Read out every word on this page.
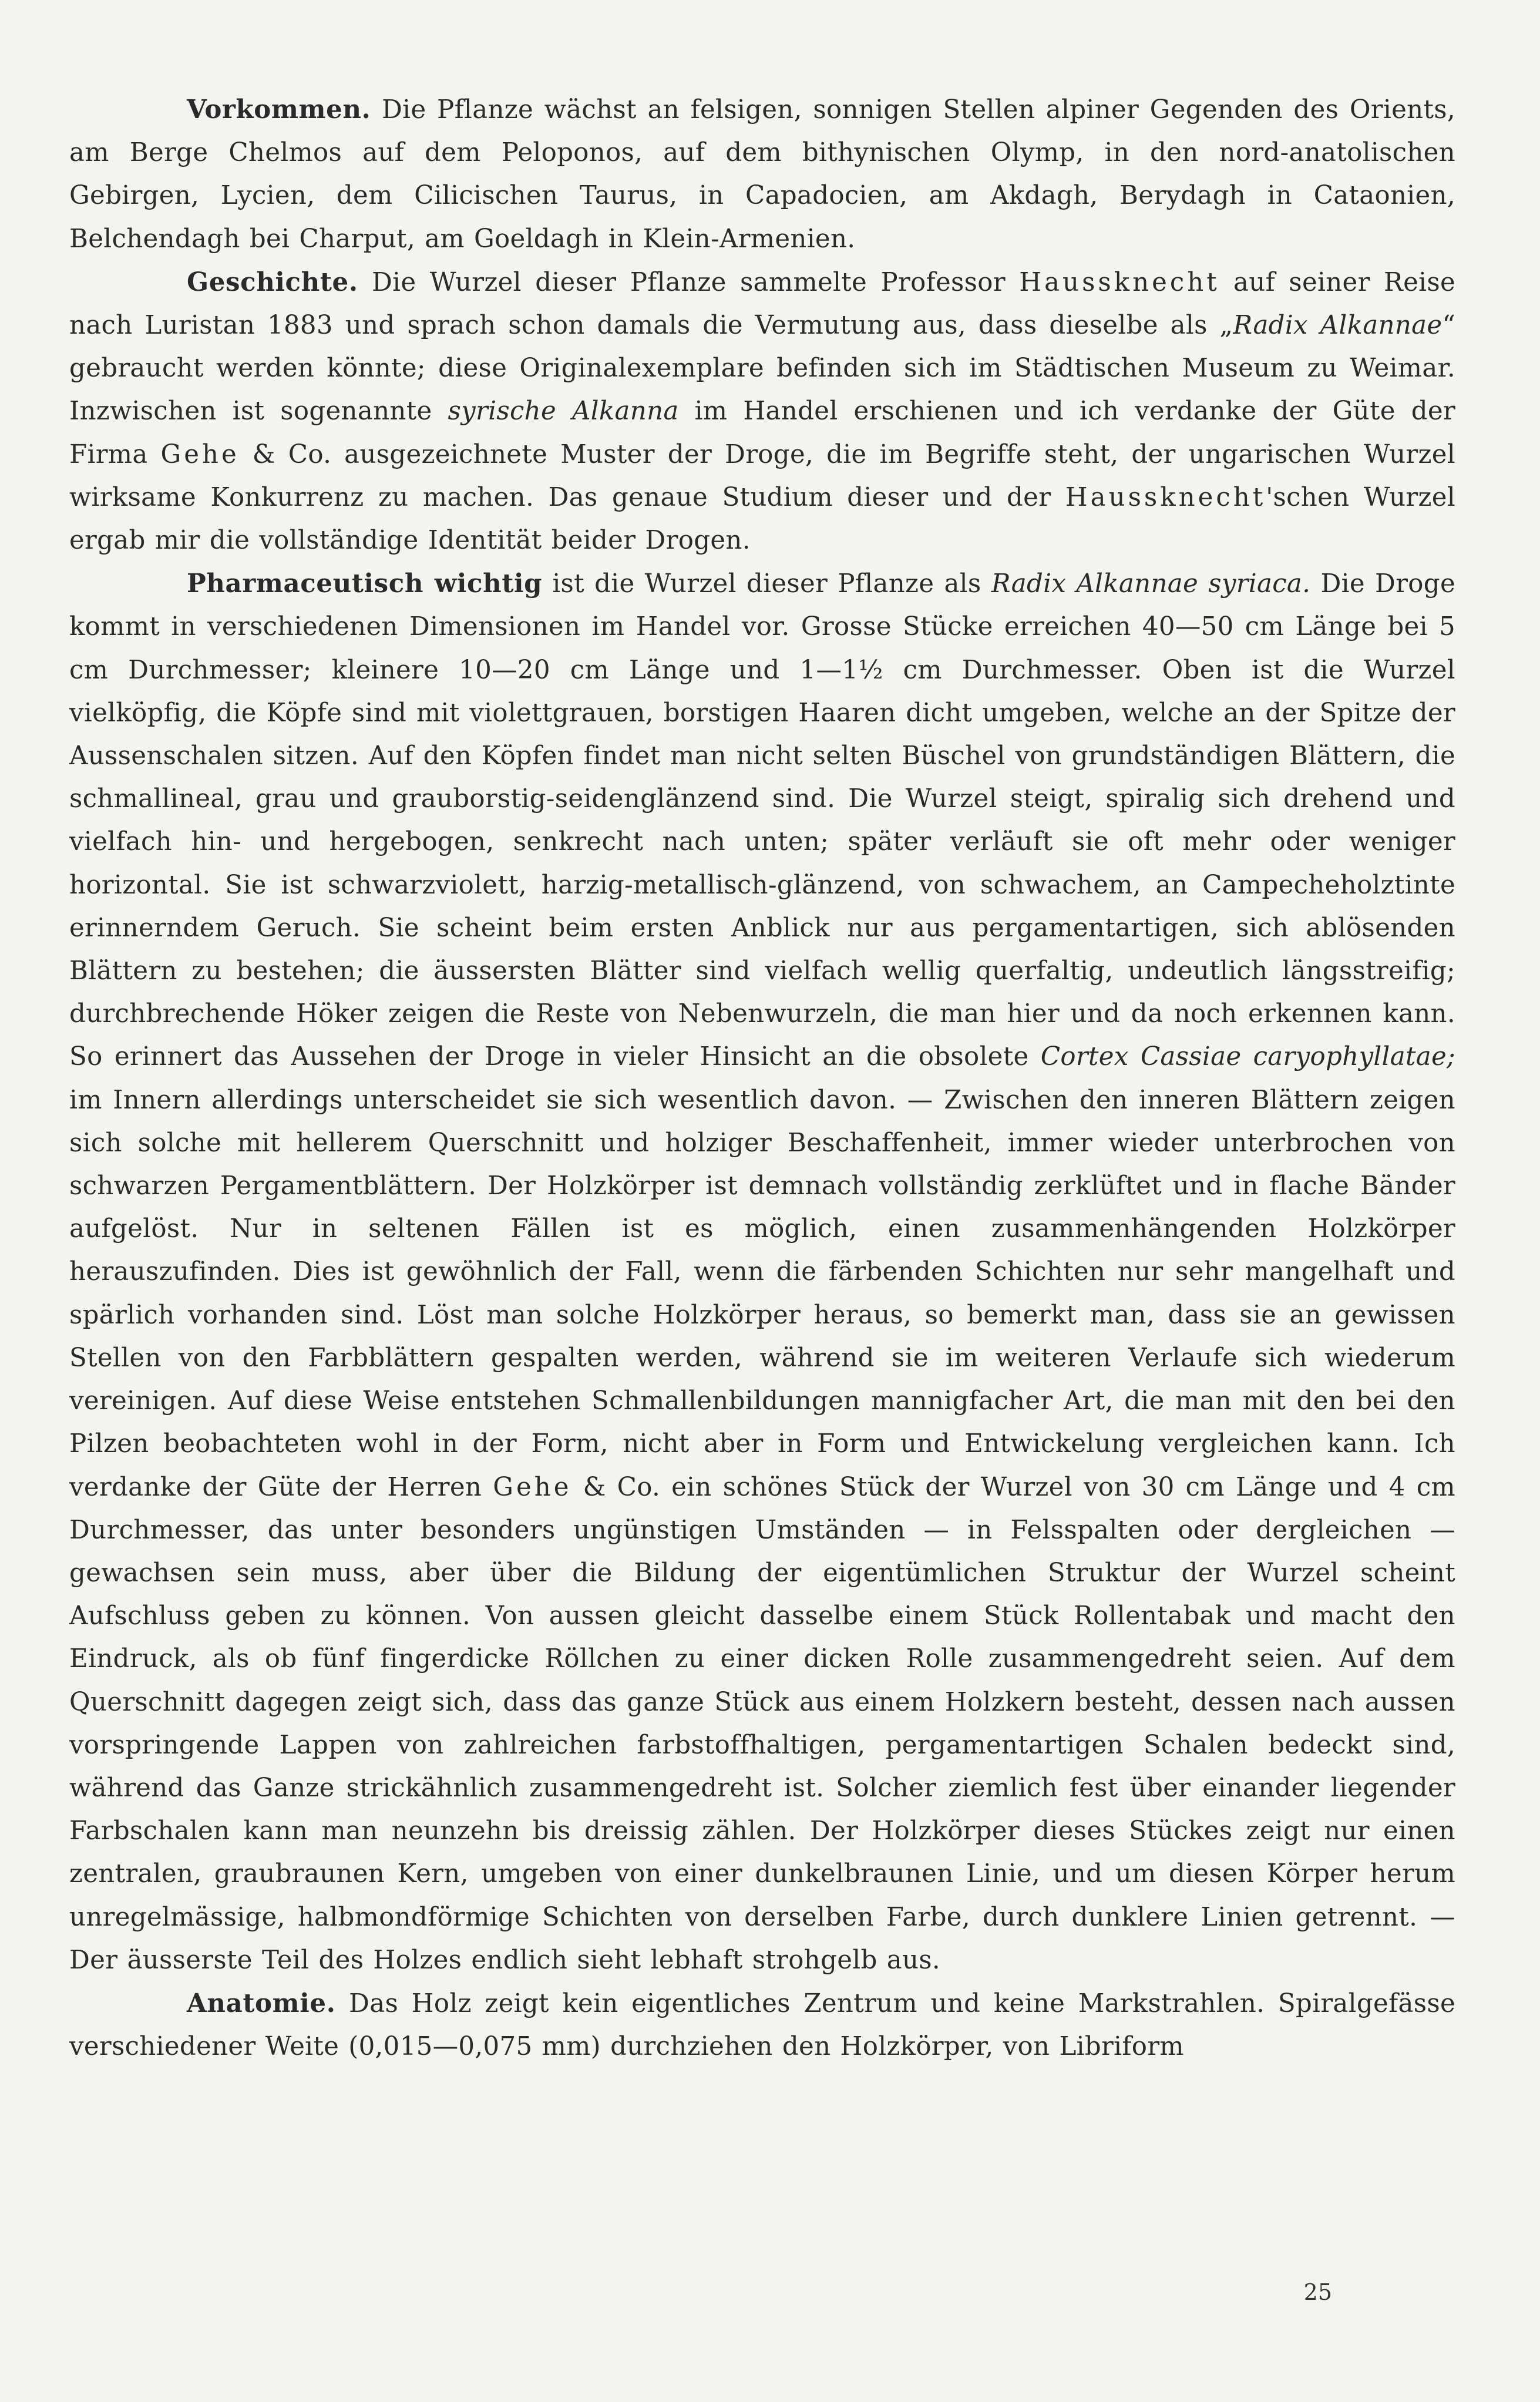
Vorkommen. Die Pflanze wächst an felsigen, sonnigen Stellen alpiner Gegenden des Orients, am Berge Chelmos auf dem Peloponos, auf dem bithynischen Olymp, in den nord-anatolischen Gebirgen, Lycien, dem Cilicischen Taurus, in Capadocien, am Akdagh, Berydagh in Cataonien, Belchendagh bei Charput, am Goeldagh in Klein-Armenien.

Geschichte. Die Wurzel dieser Pflanze sammelte Professor Haussknecht auf seiner Reise nach Luristan 1883 und sprach schon damals die Vermutung aus, dass dieselbe als „Radix Alkannae“ gebraucht werden könnte; diese Originalexemplare befinden sich im Städtischen Museum zu Weimar. Inzwischen ist sogenannte syrische Alkanna im Handel erschienen und ich verdanke der Güte der Firma Gehe & Co. ausgezeichnete Muster der Droge, die im Begriffe steht, der ungarischen Wurzel wirksame Konkurrenz zu machen. Das genaue Studium dieser und der Haussknecht'schen Wurzel ergab mir die vollständige Identität beider Drogen.

Pharmaceutisch wichtig ist die Wurzel dieser Pflanze als Radix Alkannae syriaca. Die Droge kommt in verschiedenen Dimensionen im Handel vor. Grosse Stücke erreichen 40—50 cm Länge bei 5 cm Durchmesser; kleinere 10—20 cm Länge und 1—1½ cm Durchmesser. Oben ist die Wurzel vielköpfig, die Köpfe sind mit violettgrauen, borstigen Haaren dicht umgeben, welche an der Spitze der Aussenschalen sitzen. Auf den Köpfen findet man nicht selten Büschel von grundständigen Blättern, die schmallineal, grau und grauborstig-seidenglänzend sind. Die Wurzel steigt, spiralig sich drehend und vielfach hin- und hergebogen, senkrecht nach unten; später verläuft sie oft mehr oder weniger horizontal. Sie ist schwarzviolett, harzig-metallisch-glänzend, von schwachem, an Campecheholztinte erinnerndem Geruch. Sie scheint beim ersten Anblick nur aus pergamentartigen, sich ablösenden Blättern zu bestehen; die äussersten Blätter sind vielfach wellig querfaltig, undeutlich längsstreifig; durchbrechende Höker zeigen die Reste von Nebenwurzeln, die man hier und da noch erkennen kann. So erinnert das Aussehen der Droge in vieler Hinsicht an die obsolete Cortex Cassiae caryophyllatae; im Innern allerdings unterscheidet sie sich wesentlich davon. — Zwischen den inneren Blättern zeigen sich solche mit hellerem Querschnitt und holziger Beschaffenheit, immer wieder unterbrochen von schwarzen Pergamentblättern. Der Holzkörper ist demnach vollständig zerklüftet und in flache Bänder aufgelöst. Nur in seltenen Fällen ist es möglich, einen zusammenhängenden Holzkörper herauszufinden. Dies ist gewöhnlich der Fall, wenn die färbenden Schichten nur sehr mangelhaft und spärlich vorhanden sind. Löst man solche Holzkörper heraus, so bemerkt man, dass sie an gewissen Stellen von den Farbblättern gespalten werden, während sie im weiteren Verlaufe sich wiederum vereinigen. Auf diese Weise entstehen Schmallenbildungen mannigfacher Art, die man mit den bei den Pilzen beobachteten wohl in der Form, nicht aber in Form und Entwickelung vergleichen kann. Ich verdanke der Güte der Herren Gehe & Co. ein schönes Stück der Wurzel von 30 cm Länge und 4 cm Durchmesser, das unter besonders ungünstigen Umständen — in Felsspalten oder dergleichen — gewachsen sein muss, aber über die Bildung der eigentümlichen Struktur der Wurzel scheint Aufschluss geben zu können. Von aussen gleicht dasselbe einem Stück Rollentabak und macht den Eindruck, als ob fünf fingerdicke Röllchen zu einer dicken Rolle zusammengedreht seien. Auf dem Querschnitt dagegen zeigt sich, dass das ganze Stück aus einem Holzkern besteht, dessen nach aussen vorspringende Lappen von zahlreichen farbstoffhaltigen, pergamentartigen Schalen bedeckt sind, während das Ganze strickähnlich zusammengedreht ist. Solcher ziemlich fest über einander liegender Farbschalen kann man neunzehn bis dreissig zählen. Der Holzkörper dieses Stückes zeigt nur einen zentralen, graubraunen Kern, umgeben von einer dunkelbraunen Linie, und um diesen Körper herum unregelmässige, halbmondförmige Schichten von derselben Farbe, durch dunklere Linien getrennt. — Der äusserste Teil des Holzes endlich sieht lebhaft strohgelb aus.

Anatomie. Das Holz zeigt kein eigentliches Zentrum und keine Markstrahlen. Spiralgefässe verschiedener Weite (0,015—0,075 mm) durchziehen den Holzkörper, von Libriform

25
